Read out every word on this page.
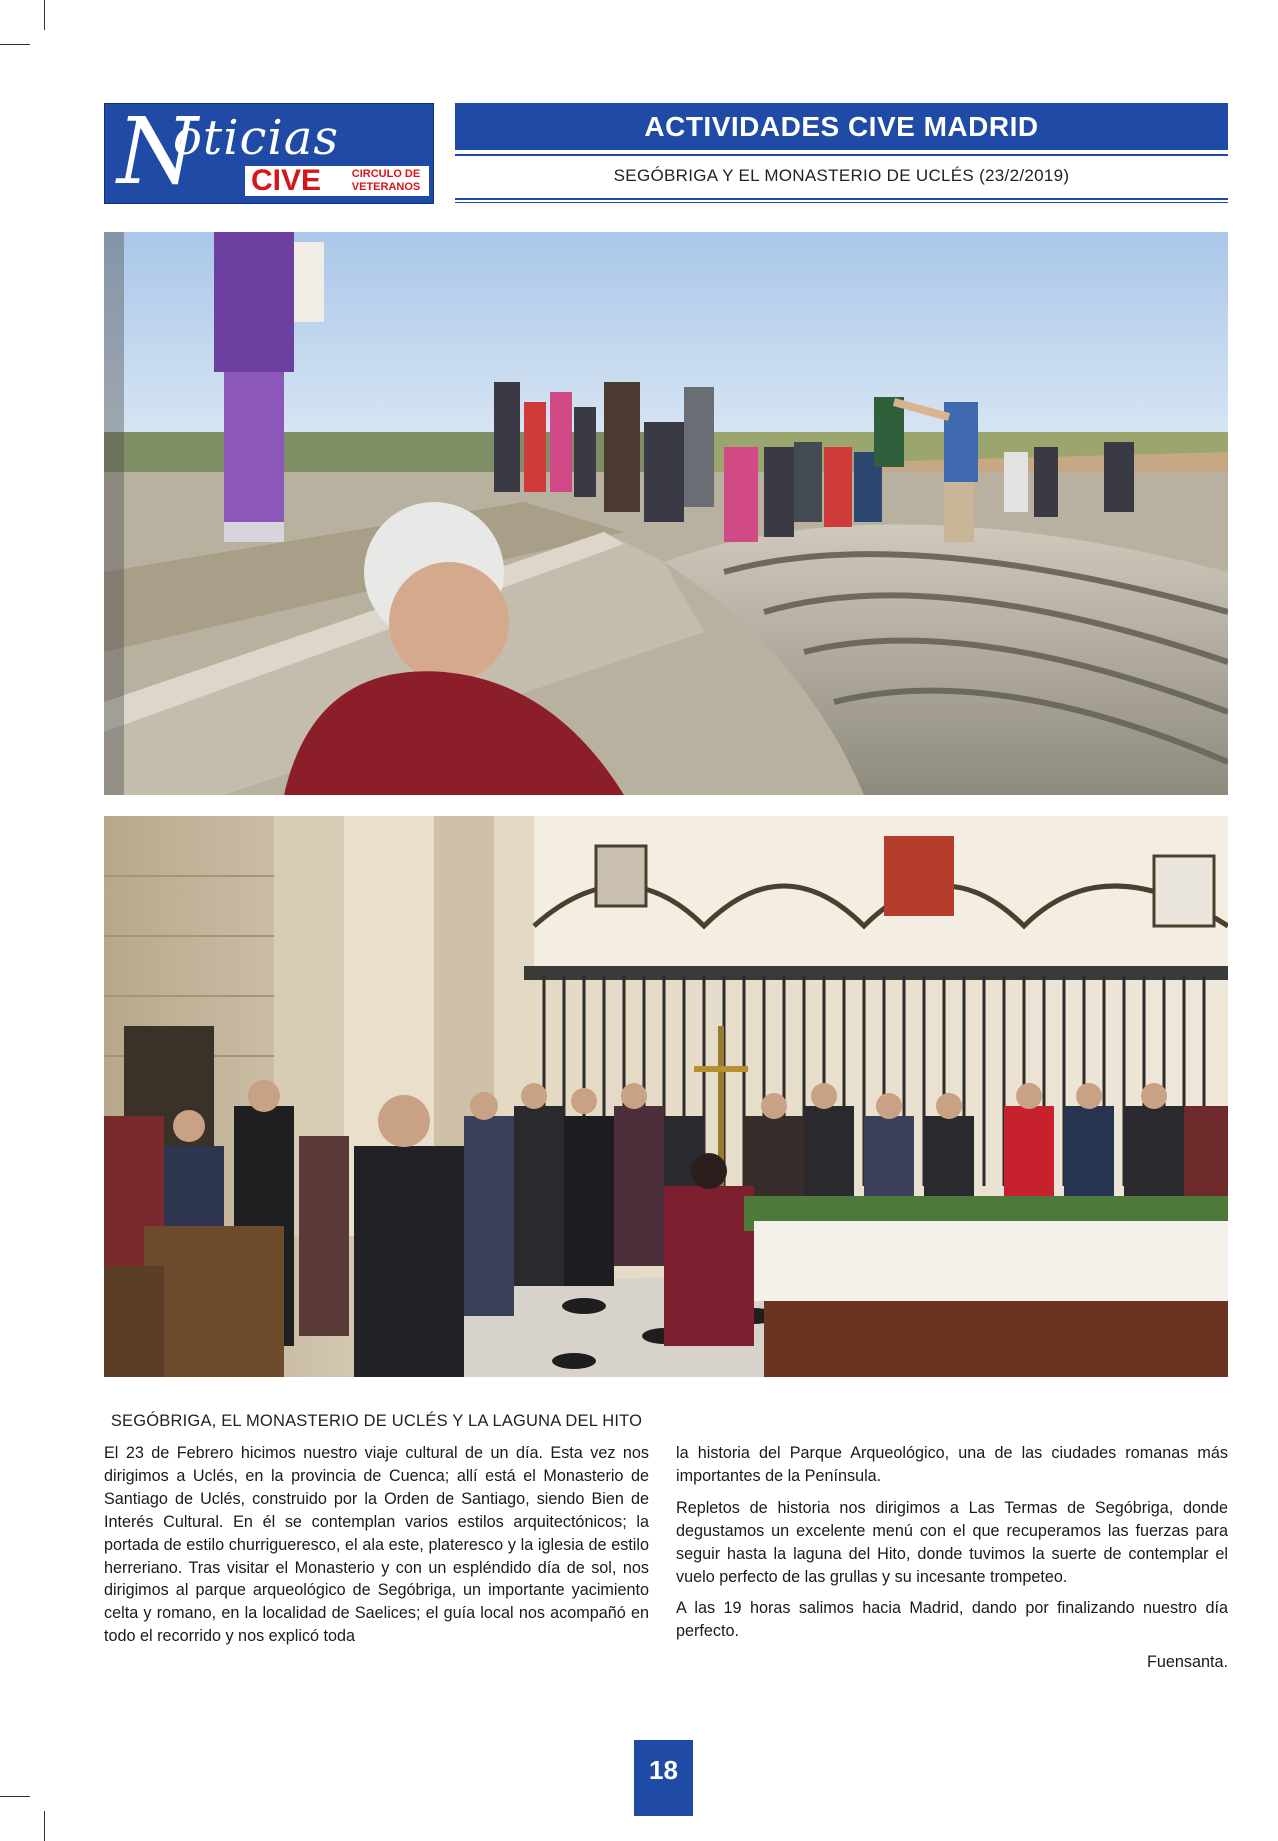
N
oticias
CIVE	CIRCULO DE
VETERANOS
ACTIVIDADES CIVE MADRID
SEGÓBRIGA Y EL MONASTERIO DE UCLÉS (23/2/2019)
SEGÓBRIGA, EL MONASTERIO DE UCLÉS Y LA LAGUNA DEL HITO

El 23 de Febrero hicimos nuestro viaje cultural de un día. Esta vez nos dirigimos a Uclés, en la provincia de Cuenca; allí está el Monasterio de Santiago de Uclés, construido por la Orden de Santiago, siendo Bien de Interés Cultural. En él se contemplan varios estilos arquitectónicos; la portada de estilo churrigueresco, el ala este, plateresco y la iglesia de estilo herreriano. Tras visitar el Monasterio y con un espléndido día de sol, nos dirigimos al parque arqueológico de Segóbriga, un importante yacimiento celta y romano, en la localidad de Saelices; el guía local nos acompañó en todo el recorrido y nos explicó toda

la historia del Parque Arqueológico, una de las ciudades romanas más importantes de la Península.

Repletos de historia nos dirigimos a Las Termas de Segóbriga, donde degustamos un excelente menú con el que recuperamos las fuerzas para seguir hasta la laguna del Hito, donde tuvimos la suerte de contemplar el vuelo perfecto de las grullas y su incesante trompeteo.

A las 19 horas salimos hacia Madrid, dando por finalizando nuestro día perfecto.

Fuensanta.
18
